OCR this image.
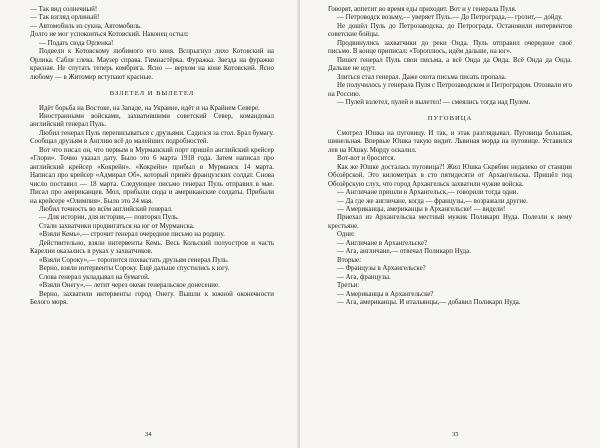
— Так вид солнечный!

— Так взгляд орлиный!

— Автомобиль из сукна, Автомобиль.

Долго не мог успокоиться Котовский. Наконец остыл:

— Подать сюда Орленка!

Подвели к Котовскому любимого его коня. Вспрыгнул лихо Котовский на Орлика. Сабля слева. Маузер справа. Гимнастёрка. Фуражка. Звезда на фуражке красная. Не спутать теперь комбрига. Ясно — верхом на коне Котовский. Ясно любому — в Житомир вступают красные.

ВЗЛЕТЕЛ И ВЫЛЕТЕЛ

Идёт борьба на Востоке, на Западе, на Украине, идёт и на Крайнем Севере.

Иностранными войсками, захватившими советский Север, командовал английский генерал Пуль.

Любил генерал Пуль переписываться с друзьями. Садился за стол. Брал бумагу. Сообщал друзьям в Англию всё до малейших подробностей.

Вот что писал он, что первым в Мурманский порт пришёл английский крейсер «Глори». Точно указал дату. Было это 6 марта 1918 года. Затем написал про английский крейсер «Кокрейн». «Кокрейн» прибыл в Мурманск 14 марта. Написал про крейсер «Адмирал Об», который привёз французских солдат. Снова число поставил — 18 марта. Следующее письмо генерал Пуль отправил в мае. Писал про американцев. Мол, прибыли сюда и американские солдаты. Прибыли на крейсере «Олимпия». Было это 24 мая.

Любил точность во всём английский генерал.

— Для истории, для истории,— повторял Пуль.

Стали захватчики продвигаться на юг от Мурманска.

«Взяли Кемь»,— строчит генерал очередное письмо на родину.

Действительно, взяли интервенты Кемь. Весь Кольский полуостров и часть Карелии оказались в руках у захватчиков.

«Взяли Сороку»,— торопится похвастать друзьям генерал Пуль.

Верно, взяли интервенты Сороку. Ещё дальше спустились к югу.

Слова генерал укладывал на бумагой.

«Взяли Онегу»,— летит через океан генеральское донесение.

Верно, захватили интервенты город Онегу. Вышли к южной оконечности Белого моря.

34

Говорят, аппетит во время еды приходит. Вот и у генерала Пуля.

— Петроводск возьму,— уверяет Пуль.— До Петрограда,— грозит,— дойду.

Не дошёл Пуль до Петрозаводска, до Петрограда. Остановили интервентов советские бойцы.

Продвинулись захватчики до реки Онда. Пуль отправил очередное своё письмо. В конце приписал: «Тороплюсь, идём дальше, на юг».

Пишет генерал Пуль свои письма, а всё Онда да Онда. Всё Онда да Онда. Дальше не идут.

Злиться стал генерал. Даже охота письма писать пропала.

Не получилось у генерала Пуля с Петрозаводском и Петроградом. Отозвали его на Россию.

— Пулей взлетел, пулей и вылетел! — смеялись тогда над Пулем.

ПУГОВИЦА

Смотрел Юшка на пуговицу. И так, и этак разглядывал. Пуговица большая, шинельная. Впервые Юшка такую видит. Львиная морда на пуговице. Уставился лев на Юшку. Морду оскалил.

Вот-вот и бросится.

Как же Юшке досталась пуговица?! Жил Юшка Скрябин недалеко от станции Обозёрской. Это километрах в сто пятидесяти от Архангельска. Пришёл под Обозёрскую слух, что город Архангельск захватили чужие войска.

— Англичане пришли в Архангельск,— говорили тогда одни.

— Да где же англичане, когда — французы,— возражали другие.

— Американцы, американцы в Архангельске! — видели!

Приехал из Архангельска местный мужик Поликарп Нуда. Полезли к нему крестьяне.

Одни:

— Англичане в Архангельске?

— Ага, англичане,— отвечал Поликарп Нуда.

Вторые:

— Французы в Архангельске?

— Ага, французы.

Третьи:

— Американцы в Архангельске?

— Ага, американцы. И итальянцы,— добавил Поликарп Нуда.

35
